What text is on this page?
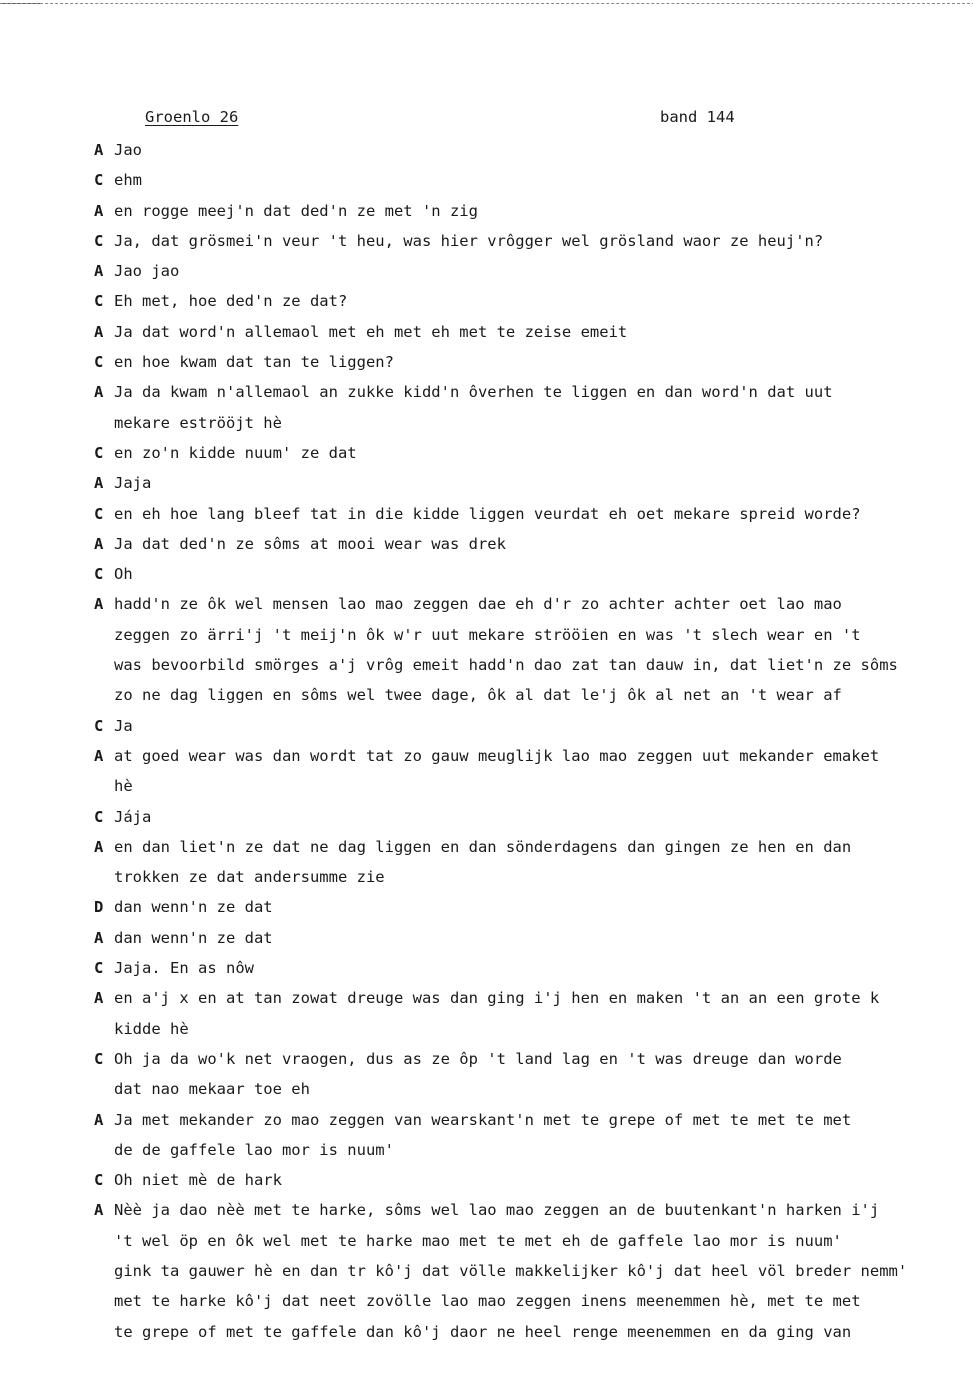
Groenlo 26	band 144
A Jao
C ehm
A en rogge meej'n dat ded'n ze met 'n zig
C Ja, dat grösmei'n veur 't heu, was hier vrôgger wel grösland waor ze heuj'n?
A Jao jao
C Eh met, hoe ded'n ze dat?
A Ja dat word'n allemaol met eh met eh met te zeise emeit
C en hoe kwam dat tan te liggen?
A Ja da kwam n'allemaol an zukke kidd'n ôverhen te liggen en dan word'n dat uut
mekare eströöjt hè
C en zo'n kidde nuum' ze dat
A Jaja
C en eh hoe lang bleef tat in die kidde liggen veurdat eh oet mekare spreid worde?
A Ja dat ded'n ze sôms at mooi wear was drek
C Oh
A hadd'n ze ôk wel mensen lao mao zeggen dae eh d'r zo achter achter oet lao mao
zeggen zo ärri'j 't meij'n ôk w'r uut mekare strööien en was 't slech wear en 't
was bevoorbild smörges a'j vrôg emeit hadd'n dao zat tan dauw in, dat liet'n ze sôms
zo ne dag liggen en sôms wel twee dage, ôk al dat le'j ôk al net an 't wear af
C Ja
A at goed wear was dan wordt tat zo gauw meuglijk lao mao zeggen uut mekander emaket
hè
C Jája
A en dan liet'n ze dat ne dag liggen en dan sönderdagens dan gingen ze hen en dan
trokken ze dat andersumme zie
D dan wenn'n ze dat
A dan wenn'n ze dat
C Jaja. En as nôw
A en a'j x en at tan zowat dreuge was dan ging i'j hen en maken 't an an een grote k
kidde hè
C Oh ja da wo'k net vraogen, dus as ze ôp 't land lag en 't was dreuge dan worde
dat nao mekaar toe eh
A Ja met mekander zo mao zeggen van wearskant'n met te grepe of met te met te met
de de gaffele lao mor is nuum'
C Oh niet mè de hark
A Nèè ja dao nèè met te harke, sôms wel lao mao zeggen an de buutenkant'n harken i'j
't wel öp en ôk wel met te harke mao met te met eh de gaffele lao mor is nuum'
gink ta gauwer hè en dan tr kô'j dat völle makkelijker kô'j dat heel völ breder nemm'
met te harke kô'j dat neet zovölle lao mao zeggen inens meenemmen hè, met te met
te grepe of met te gaffele dan kô'j daor ne heel renge meenemmen en da ging van
